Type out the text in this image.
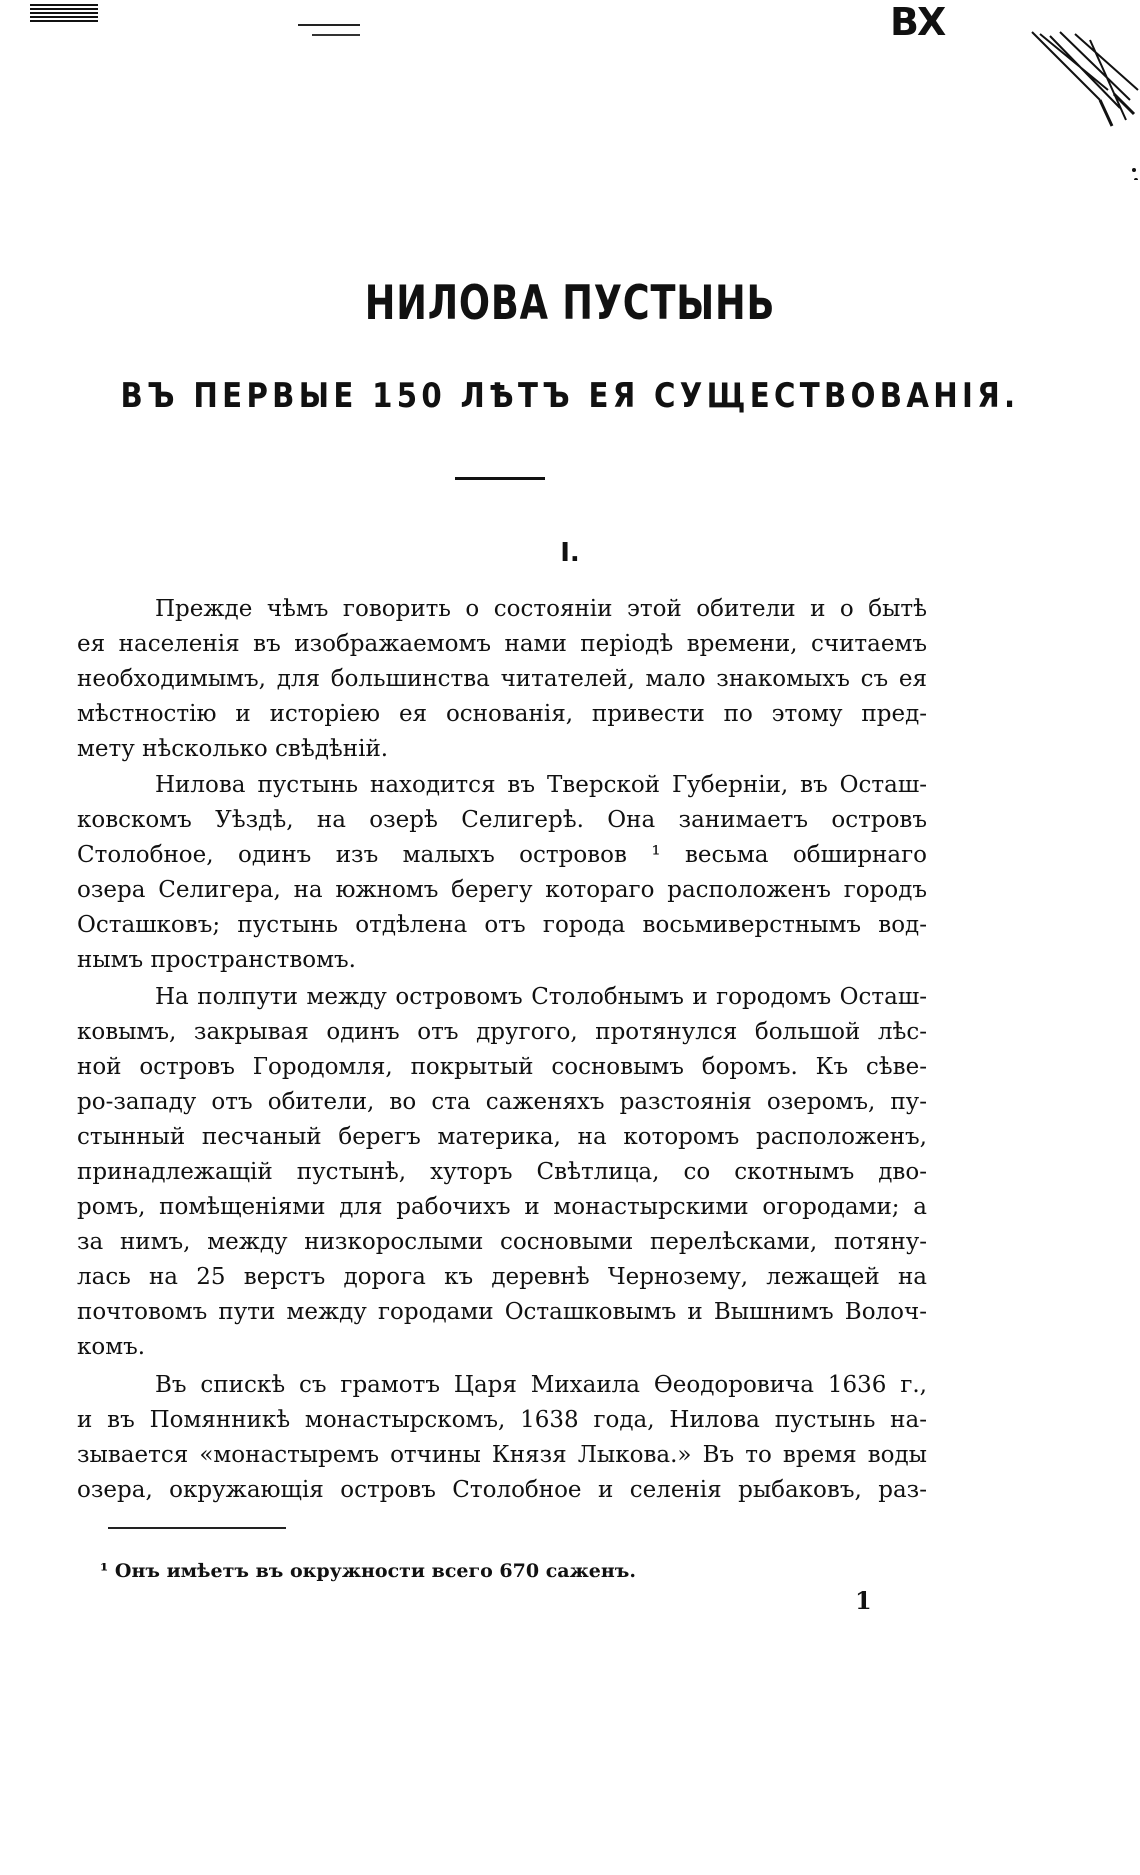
ВХ
НИЛОВА ПУСТЫНЬ
ВЪ ПЕРВЫЕ 150 ЛѢТЪ ЕЯ СУЩЕСТВОВАНІЯ.
I.
Прежде чѣмъ говорить о состояніи этой обители и о бытѣ
ея населенія въ изображаемомъ нами періодѣ времени, считаемъ
необходимымъ, для большинства читателей, мало знакомыхъ съ ея
мѣстностію и исторіею ея основанія, привести по этому пред-
мету нѣсколько свѣдѣній.
Нилова пустынь находится въ Тверской Губерніи, въ Осташ-
ковскомъ Уѣздѣ, на озерѣ Селигерѣ. Она занимаетъ островъ
Столобное, одинъ изъ малыхъ островов ¹ весьма обширнаго
озера Селигера, на южномъ берегу котораго расположенъ городъ
Осташковъ; пустынь отдѣлена отъ города восьмиверстнымъ вод-
нымъ пространствомъ.
На полпути между островомъ Столобнымъ и городомъ Осташ-
ковымъ, закрывая одинъ отъ другого, протянулся большой лѣс-
ной островъ Городомля, покрытый сосновымъ боромъ. Къ сѣве-
ро-западу отъ обители, во ста саженяхъ разстоянія озеромъ, пу-
стынный песчаный берегъ материка, на которомъ расположенъ,
принадлежащій пустынѣ, хуторъ Свѣтлица, со скотнымъ дво-
ромъ, помѣщеніями для рабочихъ и монастырскими огородами; а
за нимъ, между низкорослыми сосновыми перелѣсками, потяну-
лась на 25 верстъ дорога къ деревнѣ Чернозему, лежащей на
почтовомъ пути между городами Осташковымъ и Вышнимъ Волоч-
комъ.
Въ спискѣ съ грамотъ Царя Михаила Ѳеодоровича 1636 г.,
и въ Помянникѣ монастырскомъ, 1638 года, Нилова пустынь на-
зывается «монастыремъ отчины Князя Лыкова.» Въ то время воды
озера, окружающія островъ Столобное и селенія рыбаковъ, раз-

¹ Онъ имѣетъ въ окружности всего 670 саженъ.

1
